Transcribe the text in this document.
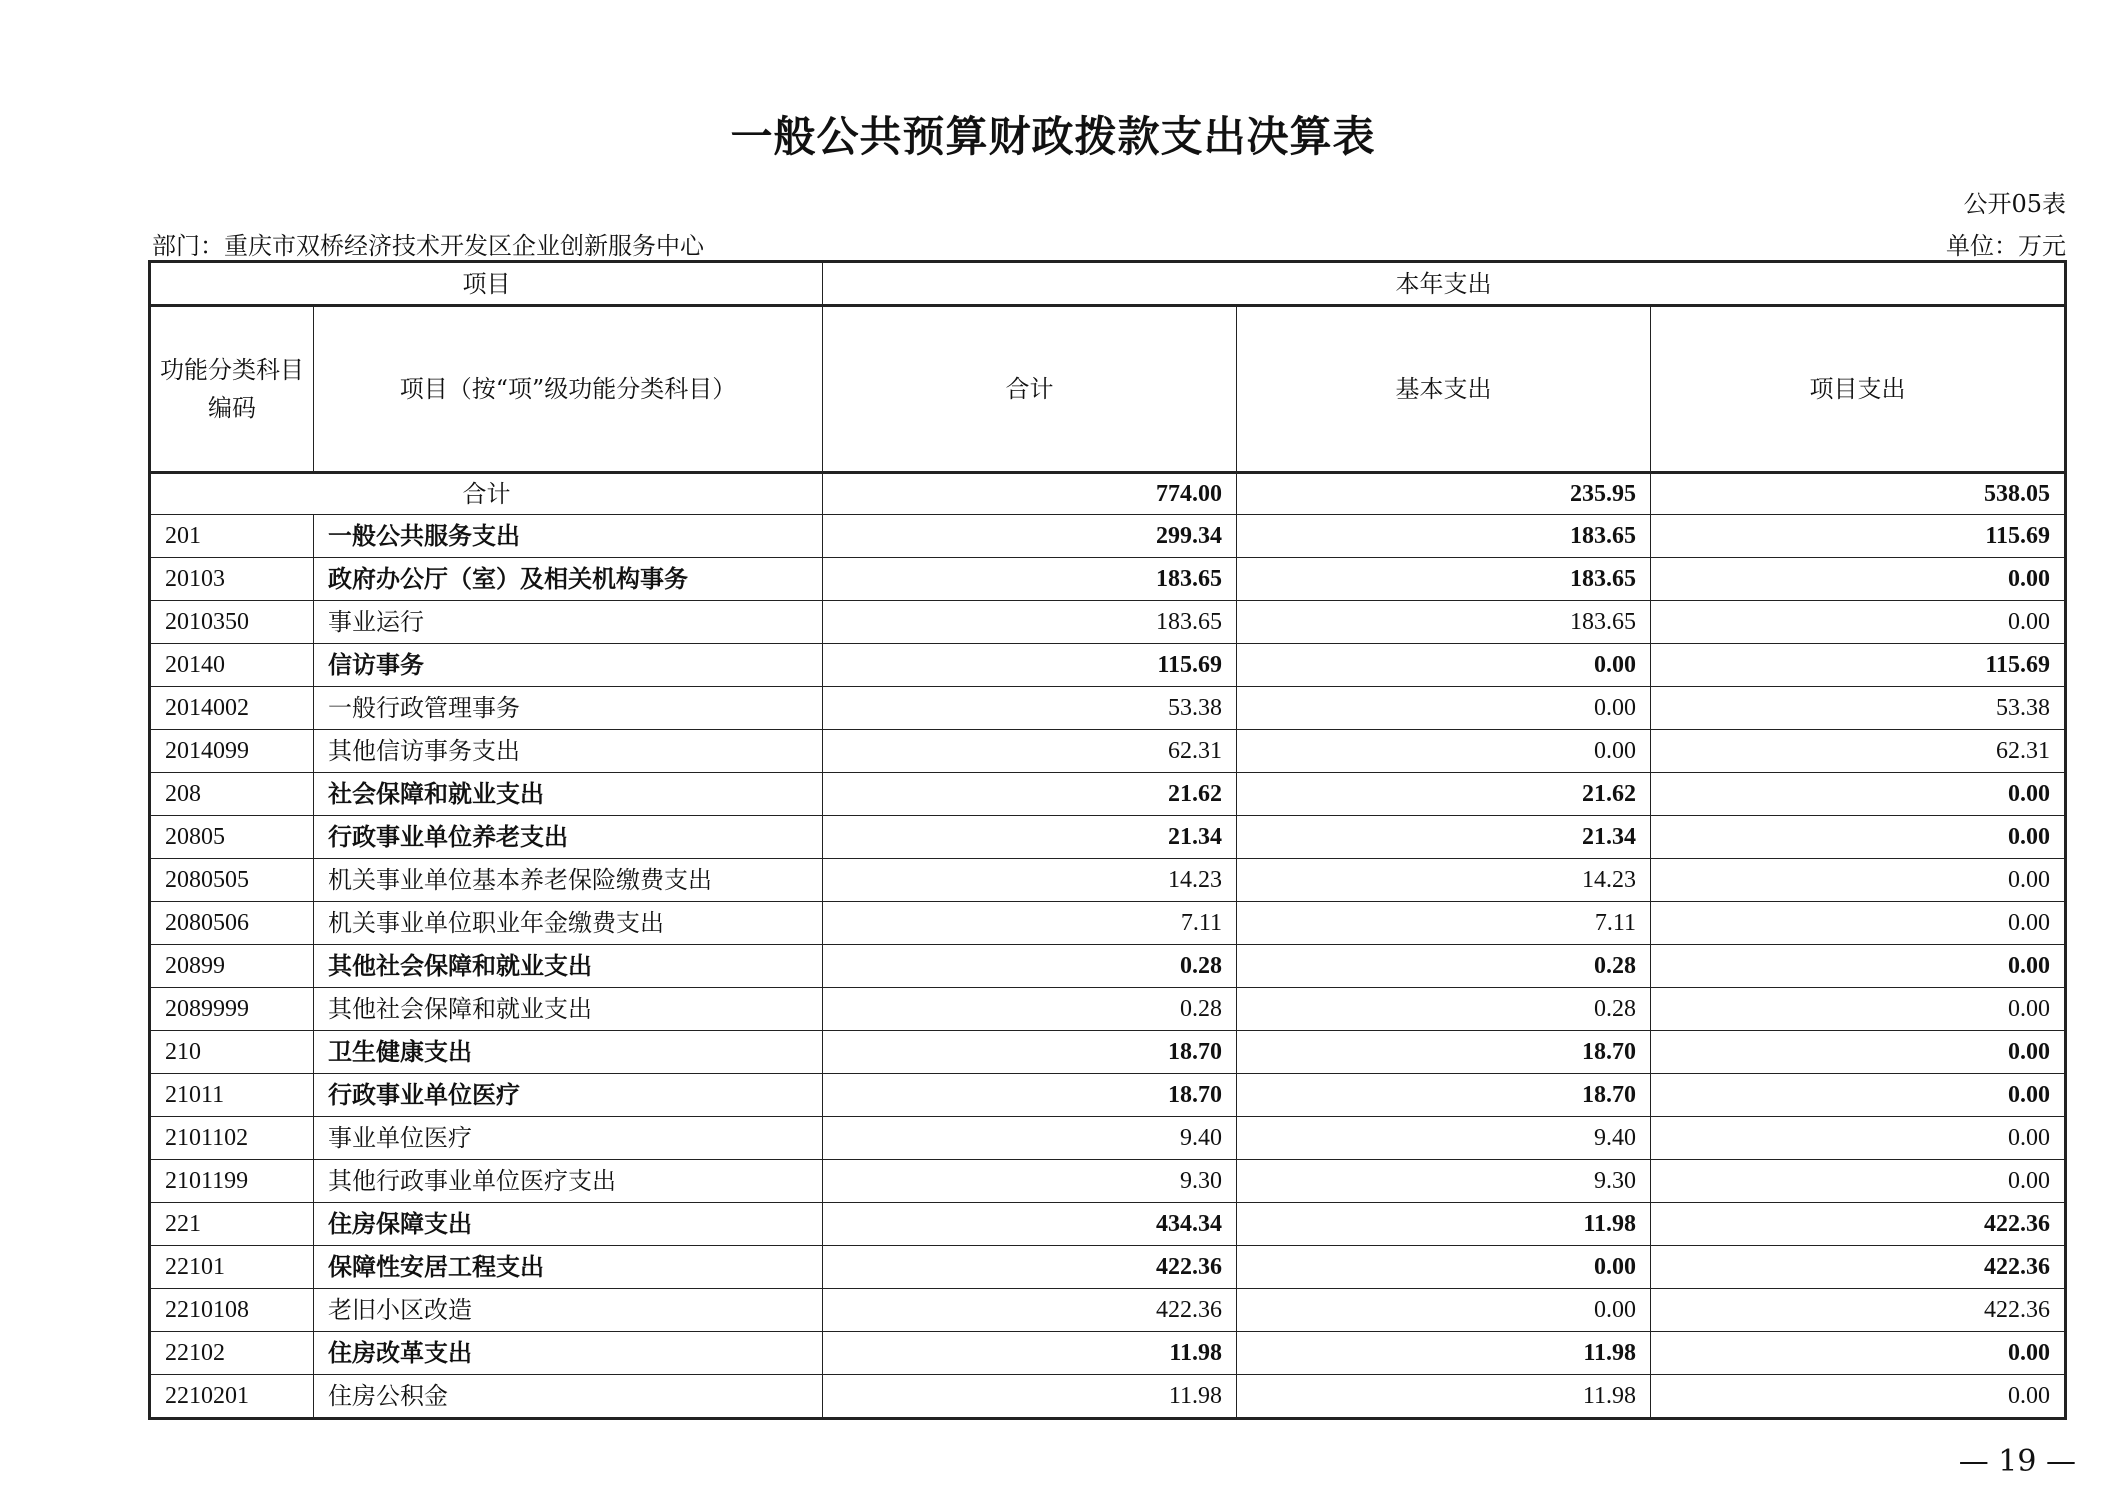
一般公共预算财政拨款支出决算表
公开05表
部门：重庆市双桥经济技术开发区企业创新服务中心	单位：万元
项目		本年支出		
功能分类科目编码	项目（按“项”级功能分类科目）	合计	基本支出	项目支出
合计		774.00	235.95	538.05
201	一般公共服务支出	299.34	183.65	115.69
20103	政府办公厅（室）及相关机构事务	183.65	183.65	0.00
2010350	事业运行	183.65	183.65	0.00
20140	信访事务	115.69	0.00	115.69
2014002	一般行政管理事务	53.38	0.00	53.38
2014099	其他信访事务支出	62.31	0.00	62.31
208	社会保障和就业支出	21.62	21.62	0.00
20805	行政事业单位养老支出	21.34	21.34	0.00
2080505	机关事业单位基本养老保险缴费支出	14.23	14.23	0.00
2080506	机关事业单位职业年金缴费支出	7.11	7.11	0.00
20899	其他社会保障和就业支出	0.28	0.28	0.00
2089999	其他社会保障和就业支出	0.28	0.28	0.00
210	卫生健康支出	18.70	18.70	0.00
21011	行政事业单位医疗	18.70	18.70	0.00
2101102	事业单位医疗	9.40	9.40	0.00
2101199	其他行政事业单位医疗支出	9.30	9.30	0.00
221	住房保障支出	434.34	11.98	422.36
22101	保障性安居工程支出	422.36	0.00	422.36
2210108	老旧小区改造	422.36	0.00	422.36
22102	住房改革支出	11.98	11.98	0.00
2210201	住房公积金	11.98	11.98	0.00
— 19 —
